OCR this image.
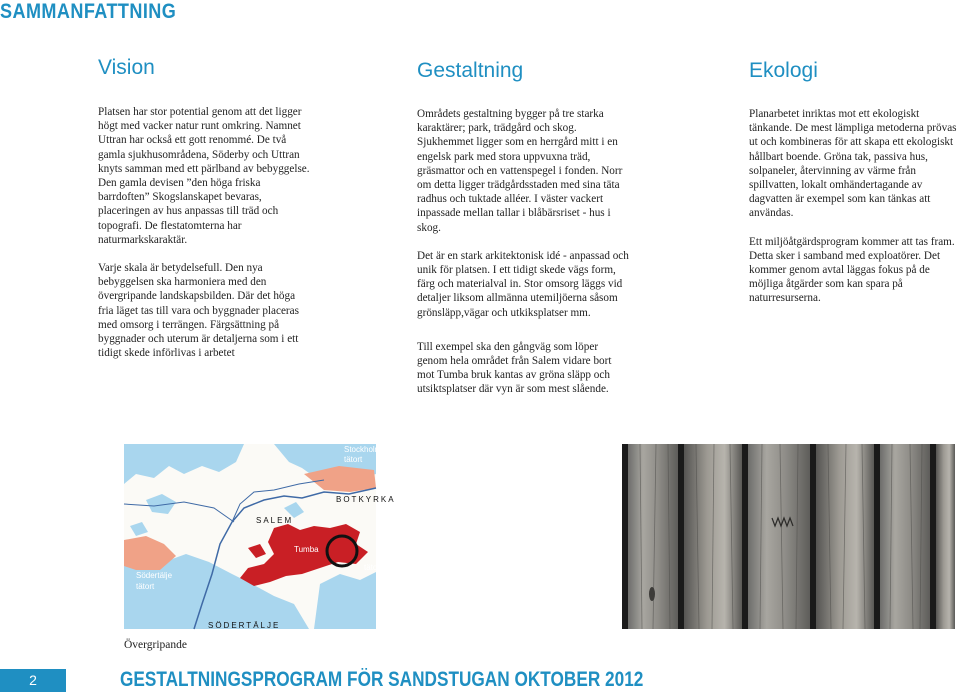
SAMMANFATTNING
Vision	Gestaltning	Ekologi

Platsen har stor potential genom att det ligger högt med vacker natur runt omkring. Namnet Uttran har också ett gott renommé. De två gamla sjukhusområdena, Söderby och Uttran knyts samman med ett pärlband av bebyggelse. Den gamla devisen ”den höga friska barrdoften” Skogslanskapet bevaras, placeringen av hus anpassas till träd och topografi. De flestatomterna har naturmarkskaraktär.

Varje skala är betydelsefull. Den nya bebyggelsen ska harmoniera med den övergripande landskapsbilden. Där det höga fria läget tas till vara och byggnader placeras med omsorg i terrängen. Färgsättning på byggnader och uterum är detaljerna som i ett tidigt skede införlivas i arbetet

Områdets gestaltning bygger på tre starka karaktärer; park, trädgård och skog. Sjukhemmet ligger som en herrgård mitt i en engelsk park med stora uppvuxna träd, gräsmattor och en vattenspegel i fonden. Norr om detta ligger trädgårdsstaden med sina täta radhus och tuktade alléer. I väster vackert inpassade mellan tallar i blåbärsriset - hus i skog.

Det är en stark arkitektonisk idé - anpassad och unik för platsen. I ett tidigt skede vägs form, färg och materialval in. Stor omsorg läggs vid detaljer liksom allmänna utemiljöerna såsom grönsläpp,vägar och utkiksplatser mm.

Till exempel ska den gångväg som löper genom hela området från Salem vidare bort mot Tumba bruk kantas av gröna släpp och utsiktsplatser där vyn är som mest slående.

Planarbetet inriktas mot ett ekologiskt tänkande. De mest lämpliga metoderna prövas ut och kombineras för att skapa ett ekologiskt hållbart boende. Gröna tak, passiva hus, solpaneler, återvinning av värme från spillvatten, lokalt omhändertagande av dagvatten är exempel som kan tänkas att användas.

Ett miljöåtgärdsprogram kommer att tas fram. Detta sker i samband med exploatörer. Det kommer genom avtal läggas fokus på de möjliga åtgärder som kan spara på naturresurserna.

Stockholms tätort
BOTKYRKA
SALEM
Tumba
tätort
Södertälje tätort
SÖDERTÄLJE
Övergripande
2	GESTALTNINGSPROGRAM FÖR SANDSTUGAN OKTOBER 2012
